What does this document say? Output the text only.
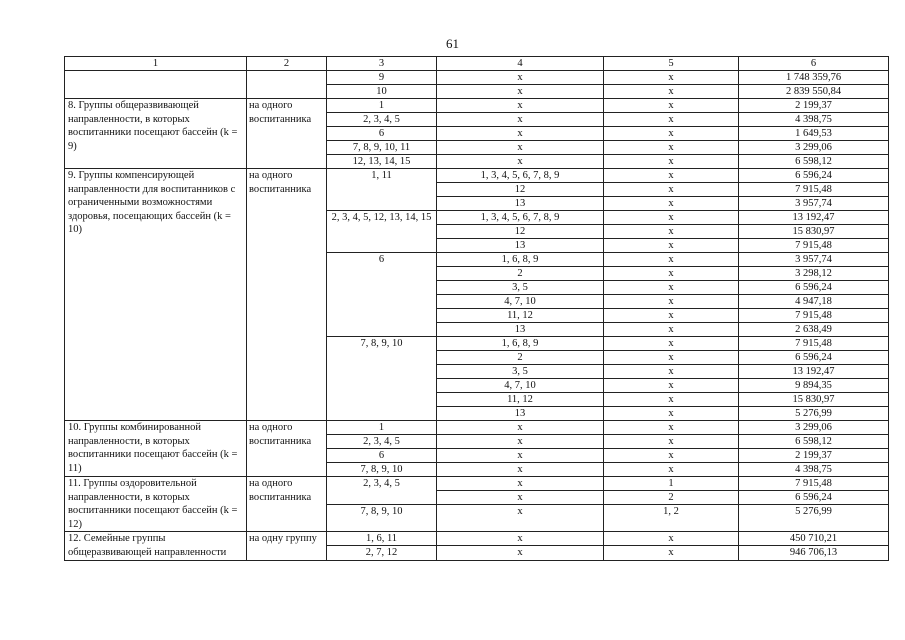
61
1	2	3	4	5	6
		9	x	x	1 748 359,76
		10	x	x	2 839 550,84
8. Группы общеразвивающей направленности, в которых воспитанники посещают бассейн (k = 9)	на одного воспитанника	1	x	x	2 199,37
		2, 3, 4, 5	x	x	4 398,75
		6	x	x	1 649,53
		7, 8, 9, 10, 11	x	x	3 299,06
		12, 13, 14, 15	x	x	6 598,12
9. Группы компенсирующей направленности для воспитанников с ограниченными возможностями здоровья, посещающих бассейн (k = 10)	на одного воспитанника	1, 11	1, 3, 4, 5, 6, 7, 8, 9	x	6 596,24
			12	x	7 915,48
			13	x	3 957,74
		2, 3, 4, 5, 12, 13, 14, 15	1, 3, 4, 5, 6, 7, 8, 9	x	13 192,47
			12	x	15 830,97
			13	x	7 915,48
		6	1, 6, 8, 9	x	3 957,74
			2	x	3 298,12
			3, 5	x	6 596,24
			4, 7, 10	x	4 947,18
			11, 12	x	7 915,48
			13	x	2 638,49
		7, 8, 9, 10	1, 6, 8, 9	x	7 915,48
			2	x	6 596,24
			3, 5	x	13 192,47
			4, 7, 10	x	9 894,35
			11, 12	x	15 830,97
			13	x	5 276,99
10. Группы комбинированной направленности, в которых воспитанники посещают бассейн (k = 11)	на одного воспитанника	1	x	x	3 299,06
		2, 3, 4, 5	x	x	6 598,12
		6	x	x	2 199,37
		7, 8, 9, 10	x	x	4 398,75
11. Группы оздоровительной направленности, в которых воспитанники посещают бассейн (k = 12)	на одного воспитанника	2, 3, 4, 5	x	1	7 915,48
			x	2	6 596,24
		7, 8, 9, 10	x	1, 2	5 276,99

12. Семейные группы общеразвивающей направленности	на одну группу	1, 6, 11	x	x	450 710,21
		2, 7, 12	x	x	946 706,13
